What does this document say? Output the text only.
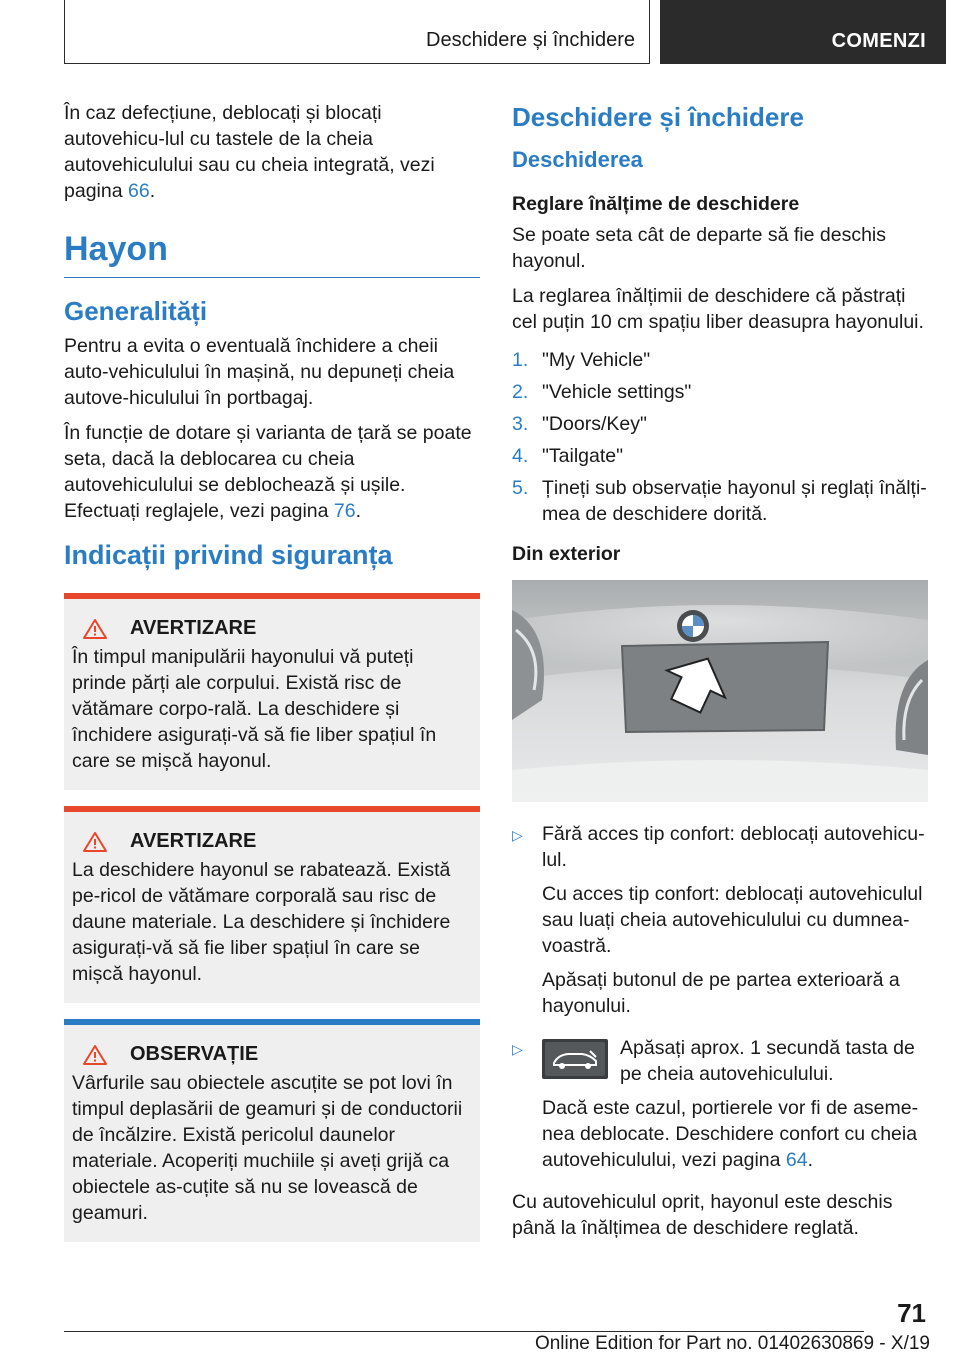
Deschidere și închidere	COMENZI

În caz defecțiune, deblocați și blocați autovehicu-lul cu tastele de la cheia autovehiculului sau cu cheia integrată, vezi pagina 66.

Hayon
Generalități

Pentru a evita o eventuală închidere a cheii auto-vehiculului în mașină, nu depuneți cheia autove-hiculului în portbagaj.

În funcție de dotare și varianta de țară se poate seta, dacă la deblocarea cu cheia autovehiculului se deblochează și ușile. Efectuați reglajele, vezi pagina 76.

Indicații privind siguranța
AVERTIZARE

În timpul manipulării hayonului vă puteți prinde părți ale corpului. Există risc de vătămare corpo-rală. La deschidere și închidere asigurați-vă să fie liber spațiul în care se mișcă hayonul.

AVERTIZARE

La deschidere hayonul se rabatează. Există pe-ricol de vătămare corporală sau risc de daune materiale. La deschidere și închidere asigurați-vă să fie liber spațiul în care se mișcă hayonul.

OBSERVAȚIE

Vârfurile sau obiectele ascuțite se pot lovi în timpul deplasării de geamuri și de conductorii de încălzire. Există pericolul daunelor materiale. Acoperiți muchiile și aveți grijă ca obiectele as-cuțite să nu se lovească de geamuri.

Deschidere și închidere
Deschiderea
Reglare înălțime de deschidere

Se poate seta cât de departe să fie deschis hayonul.

La reglarea înălțimii de deschidere că păstrați cel puțin 10 cm spațiu liber deasupra hayonului.

1. "My Vehicle"
2. "Vehicle settings"
3. "Doors/Key"
4. "Tailgate"
5. Țineți sub observație hayonul și reglați înălți-mea de deschidere dorită.
Din exterior
▷ Fără acces tip confort: deblocați autovehicu-lul.

Cu acces tip confort: deblocați autovehiculul sau luați cheia autovehiculului cu dumnea-voastră.

Apăsați butonul de pe partea exterioară a hayonului.

▷	Apăsați aprox. 1 secundă tasta de pe cheia autovehiculului.

Dacă este cazul, portierele vor fi de aseme-nea deblocate. Deschidere confort cu cheia autovehiculului, vezi pagina 64.

Cu autovehiculul oprit, hayonul este deschis până la înălțimea de deschidere reglată.

71
Online Edition for Part no. 01402630869 - X/19
